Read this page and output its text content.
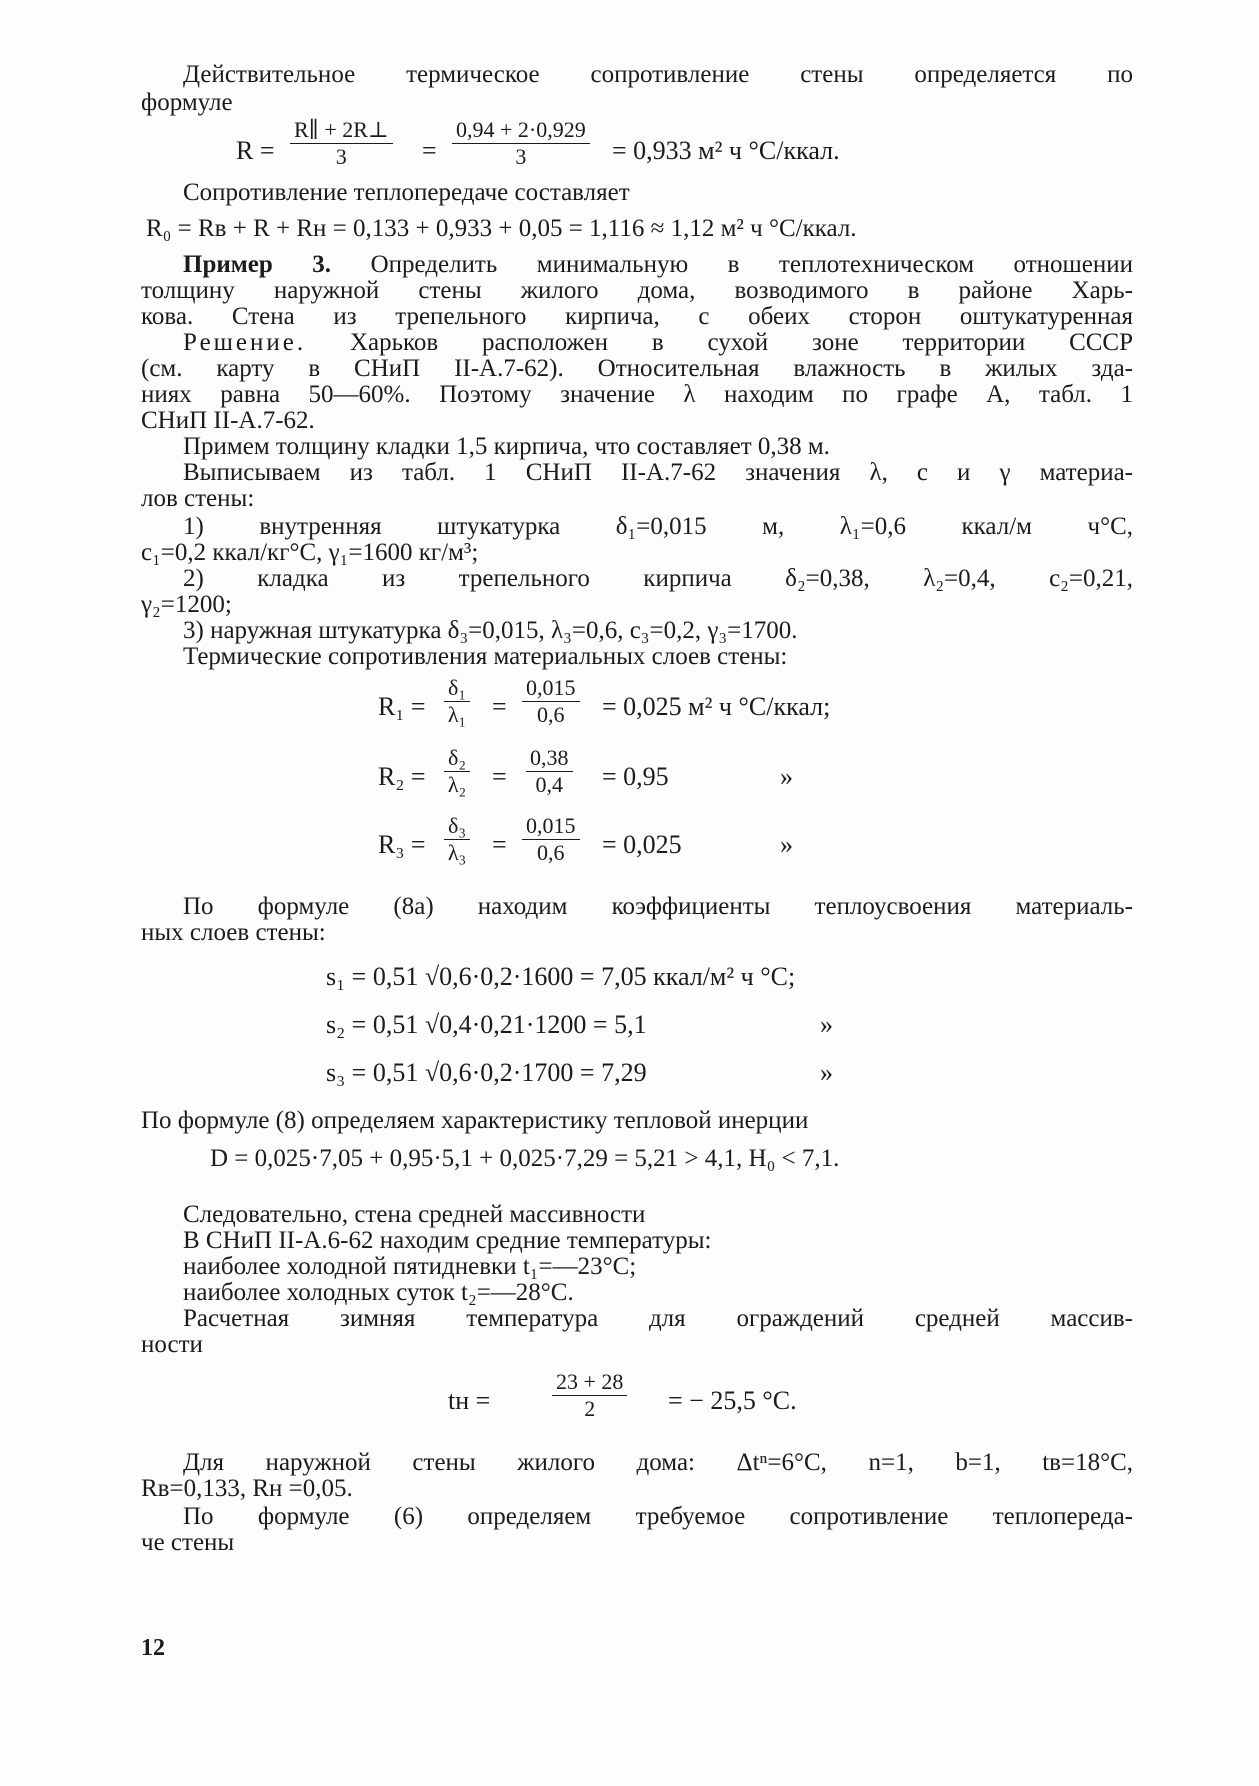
Действительное термическое сопротивление стены определяется по
формуле
$R = \frac{R\parallel + 2R\perp}{3} = \frac{0,94 + 2\cdot 0,929}{3} = 0,933$ м² ч °С/ккал.
Сопротивление теплопередаче составляет
R₀ = Rв + R + Rн = 0,133 + 0,933 + 0,05 = 1,116 ≈ 1,12 м² ч °С/ккал.
Пример 3. Определить минимальную в теплотехническом отношении
толщину наружной стены жилого дома, возводимого в районе Харь-
кова. Стена из трепельного кирпича, с обеих сторон оштукатуренная
Решение. Харьков расположен в сухой зоне территории СССР
(см. карту в СНиП II-А.7-62). Относительная влажность в жилых зда-
ниях равна 50—60%. Поэтому значение λ находим по графе А, табл. 1
СНиП II-А.7-62.
Примем толщину кладки 1,5 кирпича, что составляет 0,38 м.
Выписываем из табл. 1 СНиП II-А.7-62 значения λ, c и γ материа-
лов стены:
1) внутренняя штукатурка δ₁=0,015 м, λ₁=0,6 ккал/м ч°С,
c₁=0,2 ккал/кг°С, γ₁=1600 кг/м³;
2) кладка из трепельного кирпича δ₂=0,38, λ₂=0,4, c₂=0,21,
γ₂=1200;
3) наружная штукатурка δ₃=0,015, λ₃=0,6, c₃=0,2, γ₃=1700.
Термические сопротивления материальных слоев стены:
$R_1 = \frac{\text{δ₁}}{\text{λ₁}} = \frac{0,015}{0,6} = 0,025$ м² ч °С/ккал;
$R_2 = \frac{\text{δ₂}}{\text{λ₂}} = \frac{0,38}{0,4} = 0,95$	»
$R_3 = \frac{\text{δ₃}}{\text{λ₃}} = \frac{0,015}{0,6} = 0,025$	»
По формуле (8а) находим коэффициенты теплоусвоения материаль-
ных слоев стены:
s₁ = 0,51 √0,6·0,2·1600 = 7,05 ккал/м² ч °С;
s₂ = 0,51 √0,4·0,21·1200 = 5,1	»
s₃ = 0,51 √0,6·0,2·1700 = 7,29	»
По формуле (8) определяем характеристику тепловой инерции
D = 0,025·7,05 + 0,95·5,1 + 0,025·7,29 = 5,21 > 4,1, H₀ < 7,1.
Следовательно, стена средней массивности
В СНиП II-А.6-62 находим средние температуры:
наиболее холодной пятидневки t₁=—23°С;
наиболее холодных суток t₂=—28°С.
Расчетная зимняя температура для ограждений средней массив-
ности
tн =	$\frac{23 + 28}{2}$ = − 25,5 °С.
Для наружной стены жилого дома: Δtⁿ=6°С, n=1, b=1, tв=18°С,
Rв=0,133, Rн =0,05.
По формуле (6) определяем требуемое сопротивление теплопереда-
че стены
12
